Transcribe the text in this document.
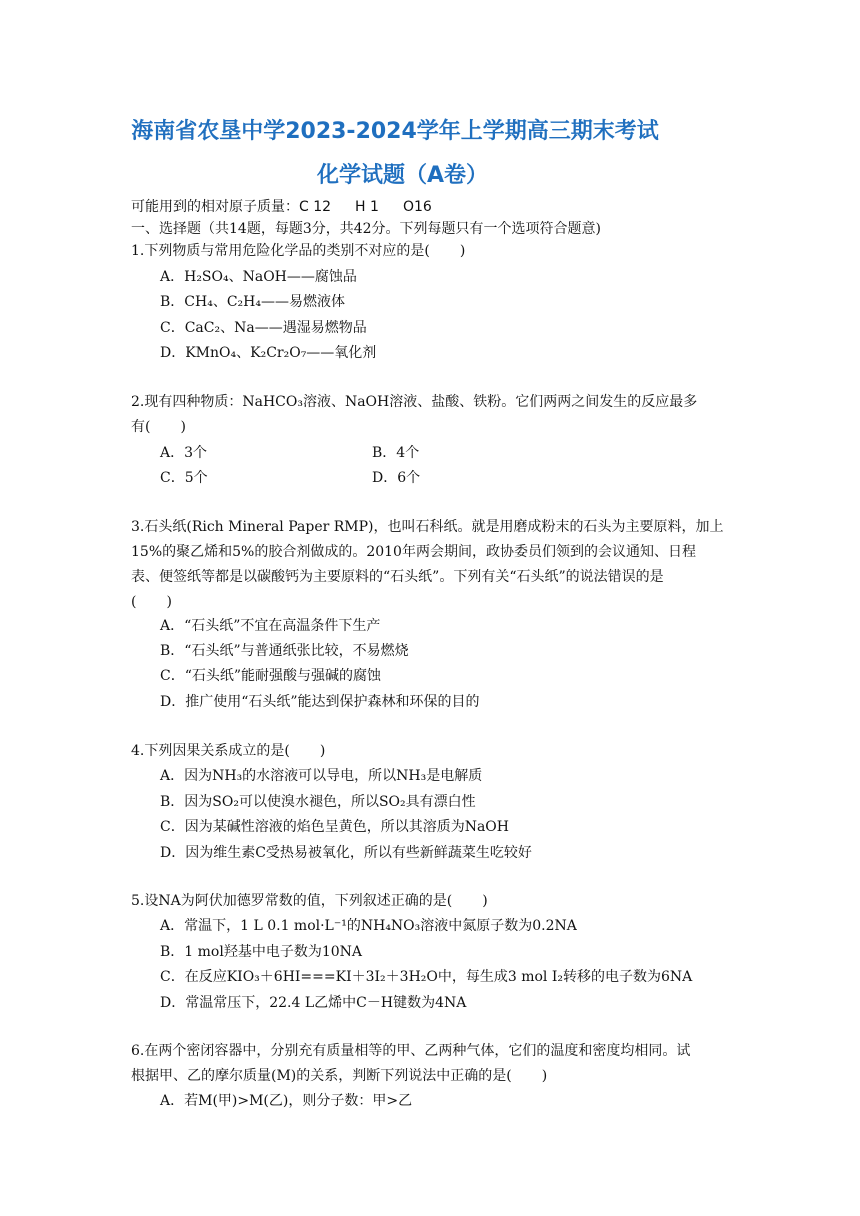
海南省农垦中学2023-2024学年上学期高三期末考试
化学试题（A卷）
可能用到的相对原子质量：C 12 H 1 O16
一、选择题（共14题，每题3分，共42分。下列每题只有一个选项符合题意)
1.下列物质与常用危险化学品的类别不对应的是( )
A．H₂SO₄、NaOH——腐蚀品
B．CH₄、C₂H₄——易燃液体
C．CaC₂、Na——遇湿易燃物品
D．KMnO₄、K₂Cr₂O₇——氧化剂
2.现有四种物质：NaHCO₃溶液、NaOH溶液、盐酸、铁粉。它们两两之间发生的反应最多
有( )
A．3个	B．4个
C．5个	D．6个
3.石头纸(Rich Mineral Paper RMP)，也叫石科纸。就是用磨成粉末的石头为主要原料，加上
15%的聚乙烯和5%的胶合剂做成的。2010年两会期间，政协委员们领到的会议通知、日程
表、便签纸等都是以碳酸钙为主要原料的“石头纸”。下列有关“石头纸”的说法错误的是
( )
A．“石头纸”不宜在高温条件下生产
B．“石头纸”与普通纸张比较，不易燃烧
C．“石头纸”能耐强酸与强碱的腐蚀
D．推广使用“石头纸”能达到保护森林和环保的目的
4.下列因果关系成立的是( )
A．因为NH₃的水溶液可以导电，所以NH₃是电解质
B．因为SO₂可以使溴水褪色，所以SO₂具有漂白性
C．因为某碱性溶液的焰色呈黄色，所以其溶质为NaOH
D．因为维生素C受热易被氧化，所以有些新鲜蔬菜生吃较好
5.设NA为阿伏加德罗常数的值，下列叙述正确的是( )
A．常温下，1 L 0.1 mol·L⁻¹的NH₄NO₃溶液中氮原子数为0.2NA
B．1 mol羟基中电子数为10NA
C．在反应KIO₃＋6HI===KI＋3I₂＋3H₂O中，每生成3 mol I₂转移的电子数为6NA
D．常温常压下，22.4 L乙烯中C－H键数为4NA
6.在两个密闭容器中，分别充有质量相等的甲、乙两种气体，它们的温度和密度均相同。试
根据甲、乙的摩尔质量(M)的关系，判断下列说法中正确的是( )
A．若M(甲)>M(乙)，则分子数：甲>乙
